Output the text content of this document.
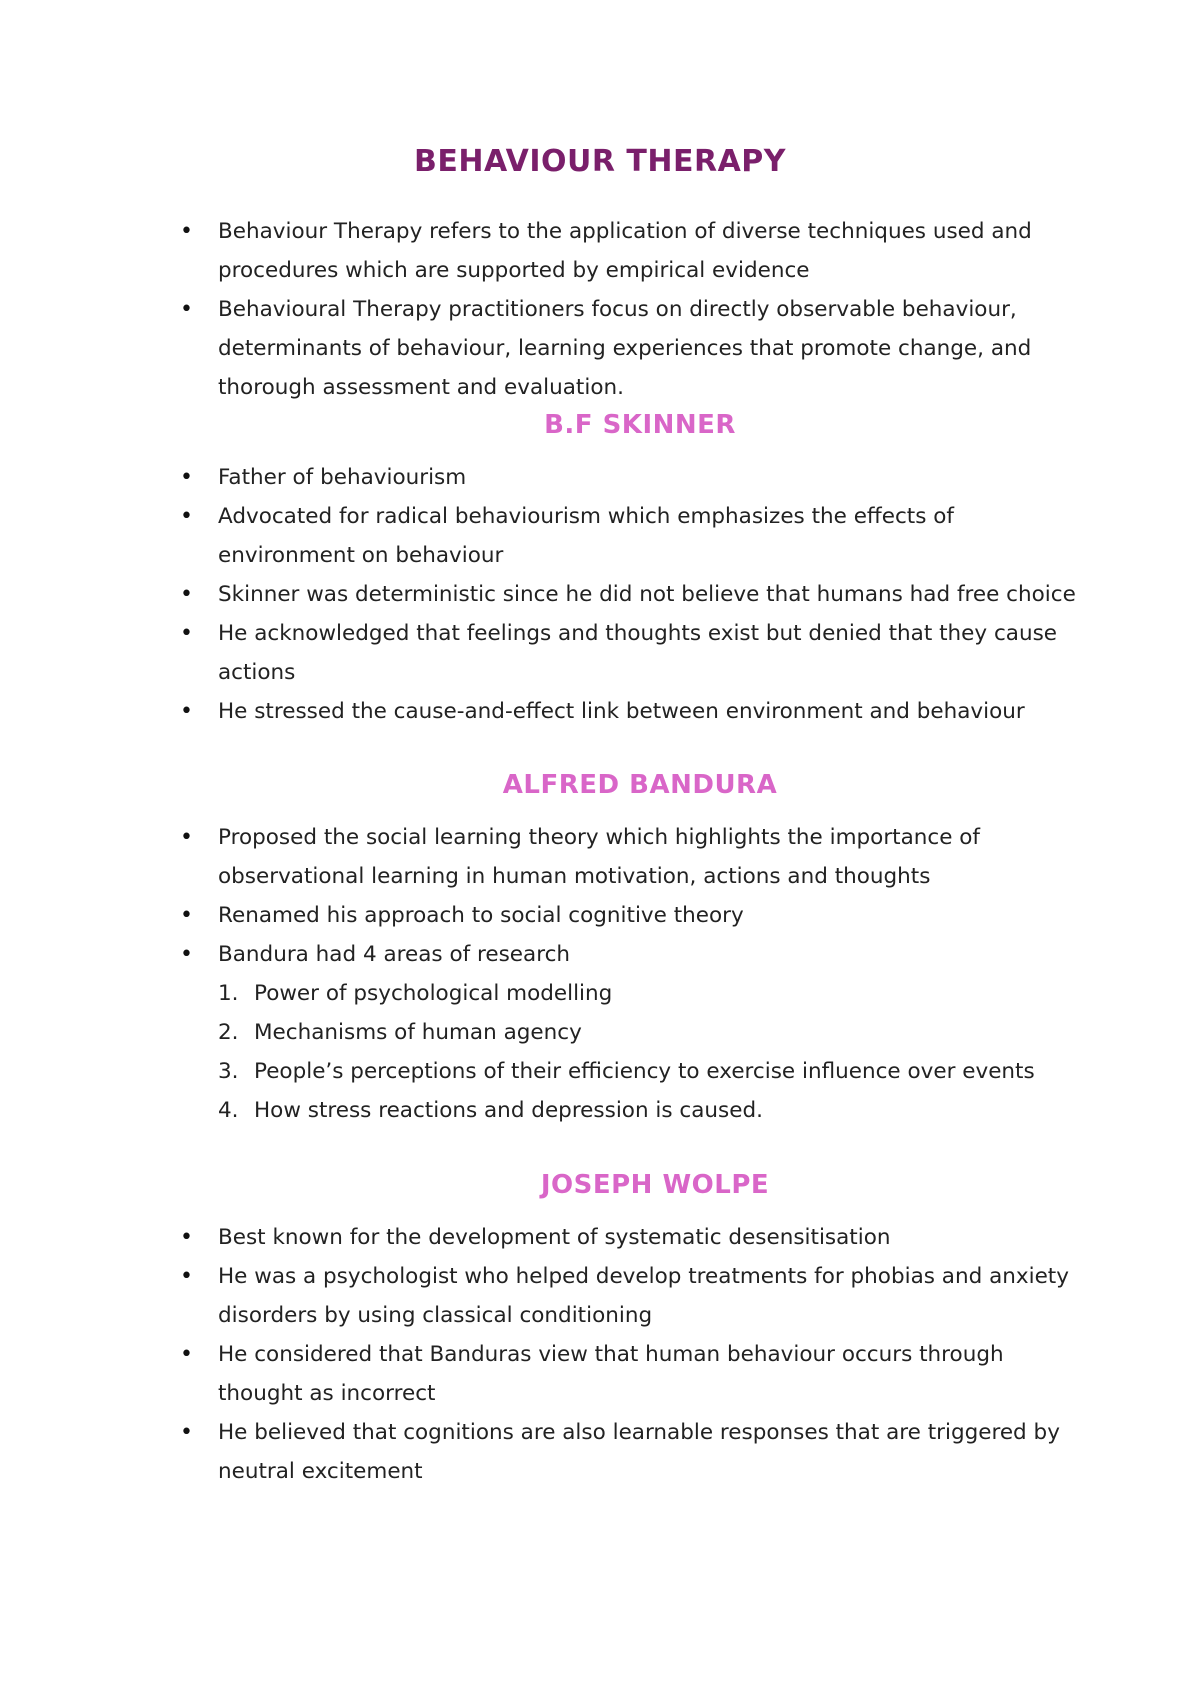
BEHAVIOUR THERAPY
• Behaviour Therapy refers to the application of diverse techniques used and procedures which are supported by empirical evidence
• Behavioural Therapy practitioners focus on directly observable behaviour, determinants of behaviour, learning experiences that promote change, and thorough assessment and evaluation.
B.F SKINNER
• Father of behaviourism
• Advocated for radical behaviourism which emphasizes the effects of environment on behaviour
• Skinner was deterministic since he did not believe that humans had free choice
• He acknowledged that feelings and thoughts exist but denied that they cause actions
• He stressed the cause-and-effect link between environment and behaviour
ALFRED BANDURA
• Proposed the social learning theory which highlights the importance of observational learning in human motivation, actions and thoughts
• Renamed his approach to social cognitive theory
• Bandura had 4 areas of research
1. Power of psychological modelling
2. Mechanisms of human agency
3. People’s perceptions of their efficiency to exercise influence over events
4. How stress reactions and depression is caused.
JOSEPH WOLPE
• Best known for the development of systematic desensitisation
• He was a psychologist who helped develop treatments for phobias and anxiety disorders by using classical conditioning
• He considered that Banduras view that human behaviour occurs through thought as incorrect
• He believed that cognitions are also learnable responses that are triggered by neutral excitement
